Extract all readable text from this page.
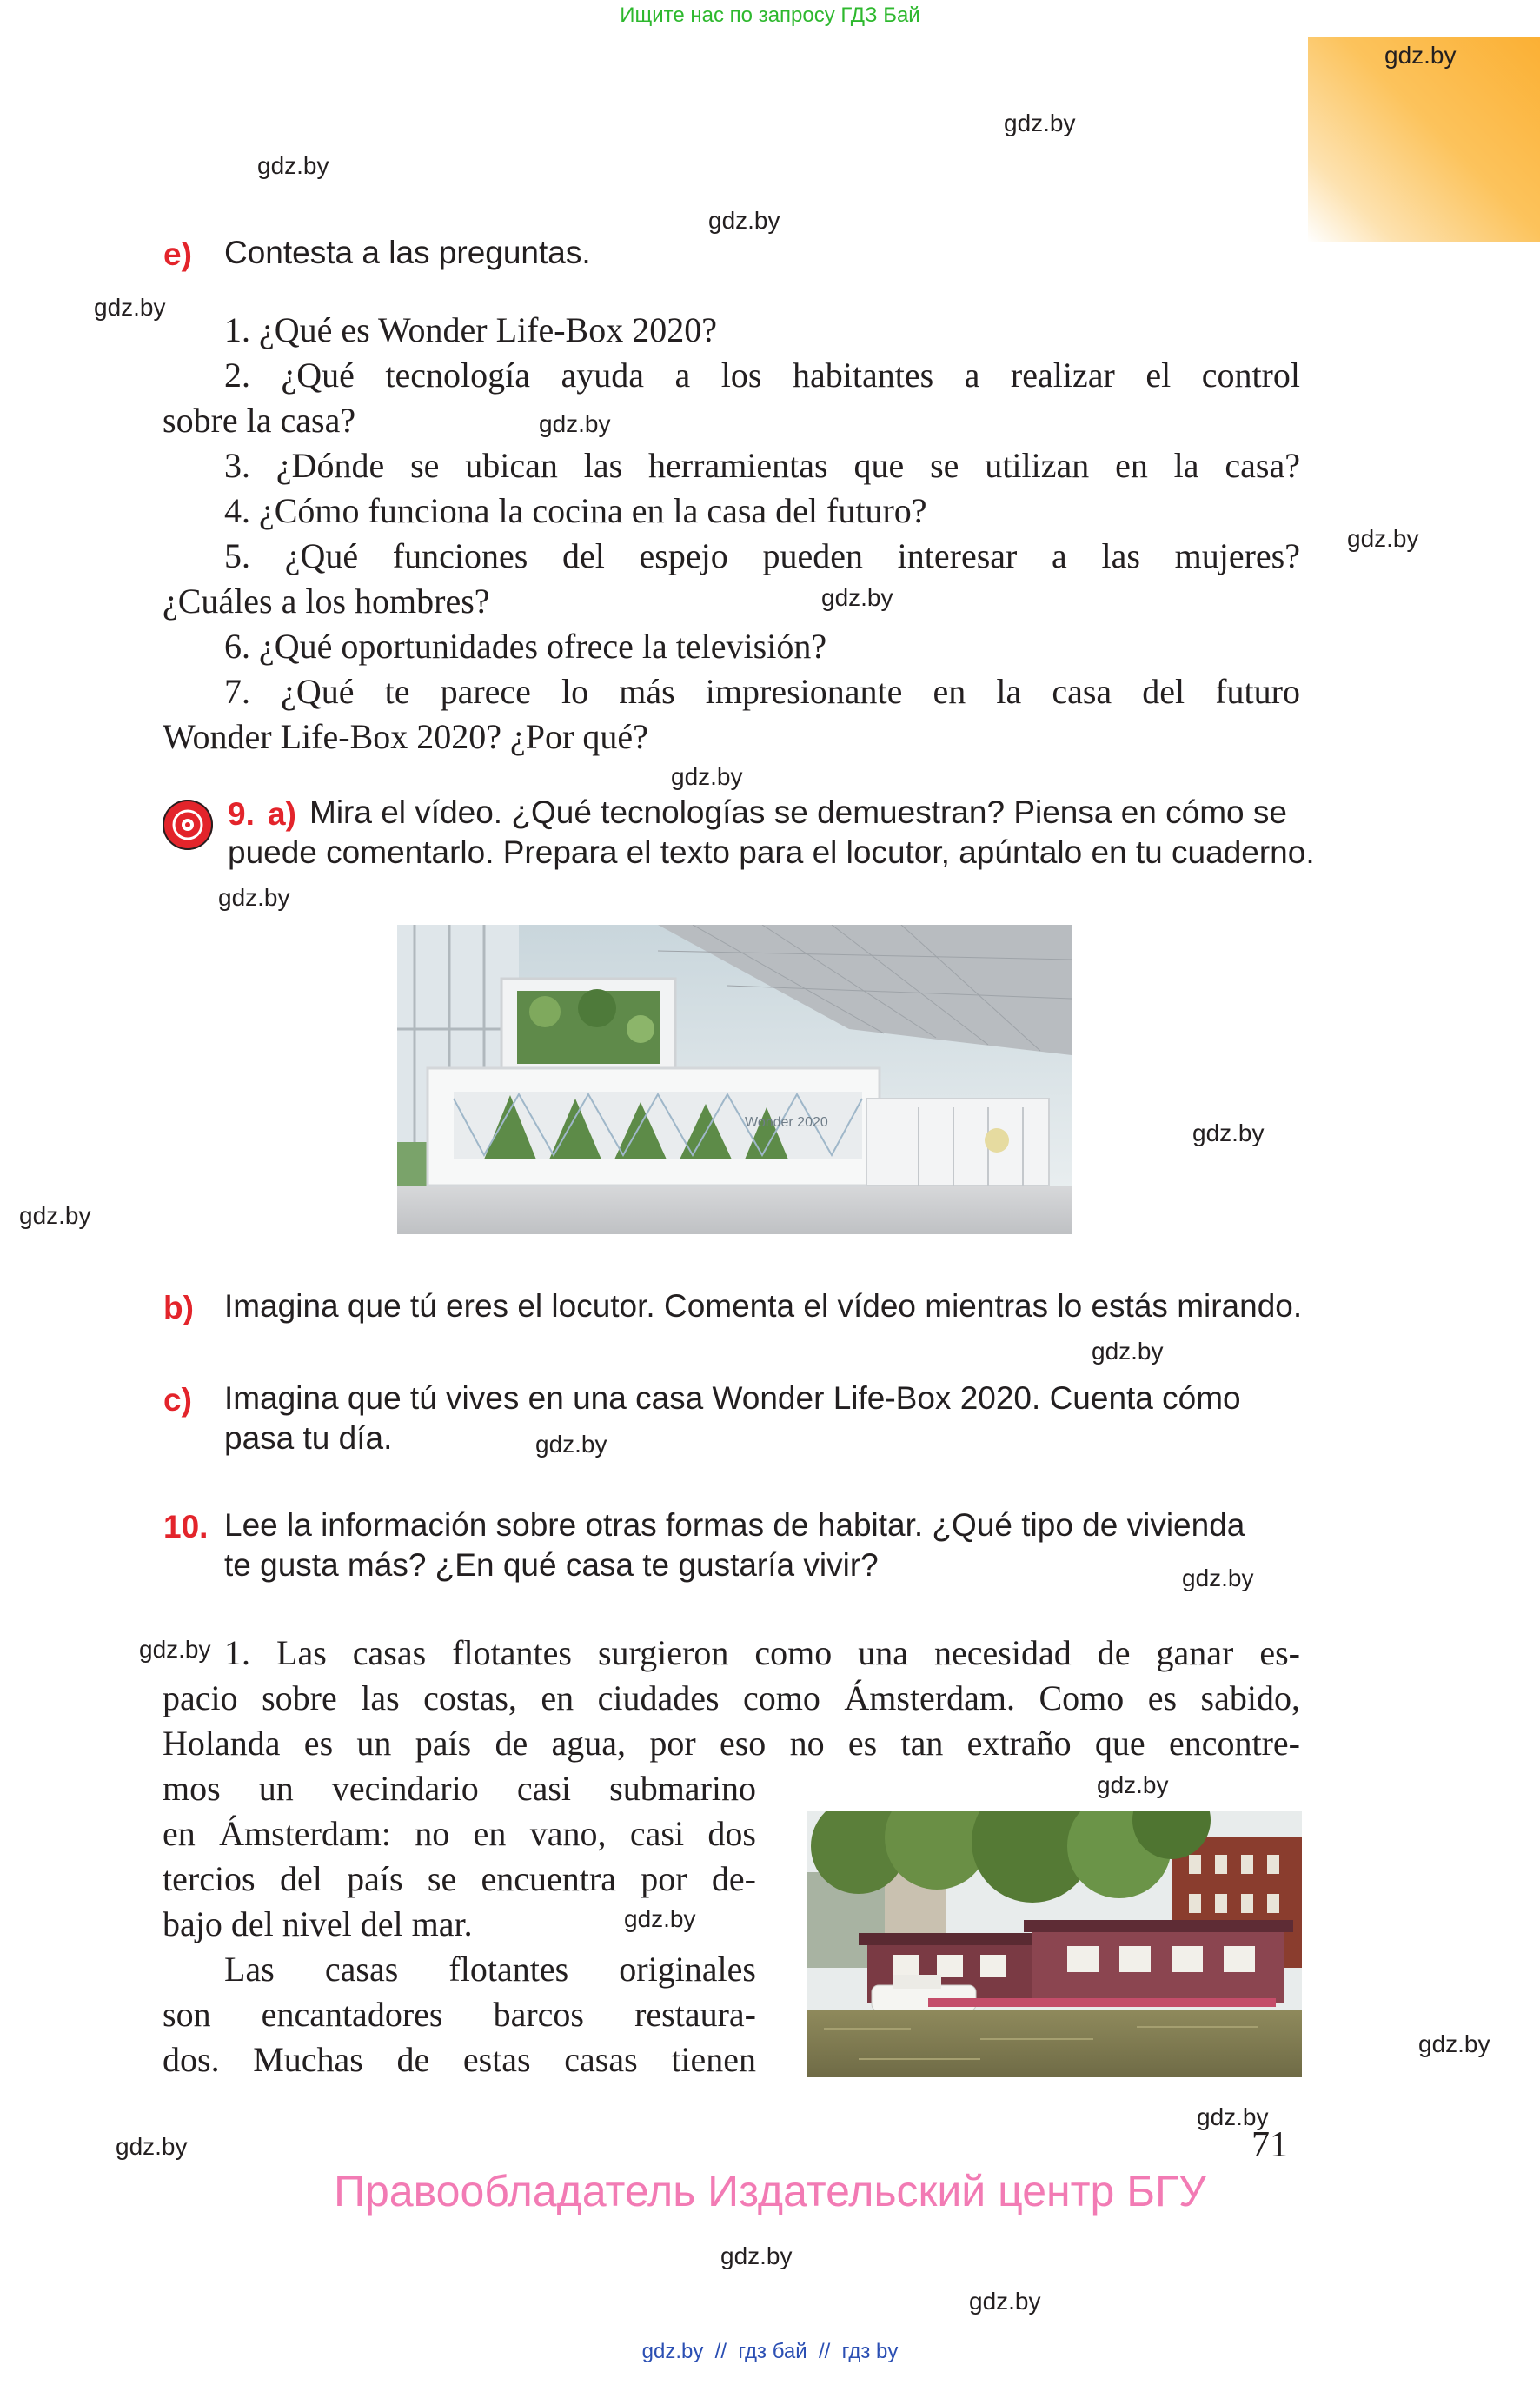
Ищите нас по запросу ГДЗ Бай
gdz.by
gdz.by
gdz.by
gdz.by
gdz.by
gdz.by
gdz.by
gdz.by
gdz.by
gdz.by
gdz.by
gdz.by
gdz.by
gdz.by
gdz.by
gdz.by
gdz.by
gdz.by
gdz.by
gdz.by
gdz.by
gdz.by
gdz.by
e) Contesta a las preguntas.
1. ¿Qué es Wonder Life-Box 2020?
2. ¿Qué tecnología ayuda a los habitantes a realizar el control
sobre la casa?
3. ¿Dónde se ubican las herramientas que se utilizan en la casa?
4. ¿Cómo funciona la cocina en la casa del futuro?
5. ¿Qué funciones del espejo pueden interesar a las mujeres?
¿Cuáles a los hombres?
6. ¿Qué oportunidades ofrece la televisión?
7. ¿Qué te parece lo más impresionante en la casa del futuro
Wonder Life-Box 2020? ¿Por qué?
9. a) Mira el vídeo. ¿Qué tecnologías se demuestran? Piensa en cómo se
puede comentarlo. Prepara el texto para el locutor, apúntalo en tu cuaderno.
Wonder 2020
b) Imagina que tú eres el locutor. Comenta el vídeo mientras lo estás mirando.
c) Imagina que tú vives en una casa Wonder Life-Box 2020. Cuenta cómo
pasa tu día.
10. Lee la información sobre otras formas de habitar. ¿Qué tipo de vivienda
te gusta más? ¿En qué casa te gustaría vivir?
1. Las casas flotantes surgieron como una necesidad de ganar es-
pacio sobre las costas, en ciudades como Ámsterdam. Como es sabido,
Holanda es un país de agua, por eso no es tan extraño que encontre-
mos un vecindario casi submarino
en Ámsterdam: no en vano, casi dos
tercios del país se encuentra por de-
bajo del nivel del mar.
Las casas flotantes originales
son encantadores barcos restaura-
dos. Muchas de estas casas tienen
71
Правообладатель Издательский центр БГУ
gdz.by  //  гдз бай  //  гдз by
